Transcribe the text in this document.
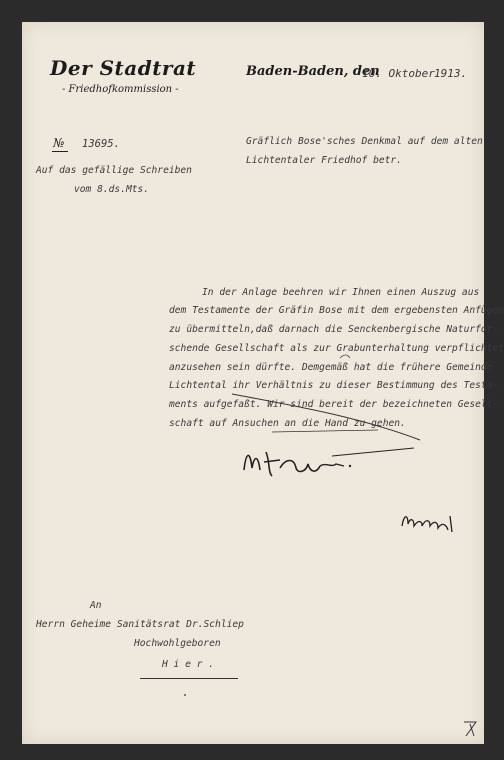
Der Stadtrat
- Friedhofkommission -
Baden-Baden, den
10. Oktober 1913.
№ 13695.
Auf das gefällige Schreiben
vom 8.ds.Mts.
Gräflich Bose'sches Denkmal auf dem alten
Lichtentaler Friedhof betr.
In der Anlage beehren wir Ihnen einen Auszug aus
dem Testamente der Gräfin Bose mit dem ergebensten Anfügen
zu übermitteln,daß darnach die Senckenbergische Naturfor-
schende Gesellschaft als zur Grabunterhaltung verpflichtet
anzusehen sein dürfte. Demgemäß hat die frühere Gemeinde
Lichtental ihr Verhältnis zu dieser Bestimmung des Testa-
ments aufgefaßt. Wir sind bereit der bezeichneten Gesell-
schaft auf Ansuchen an die Hand zu gehen.
An
Herrn Geheime Sanitätsrat Dr.Schliep
Hochwohlgeboren
H i e r .
